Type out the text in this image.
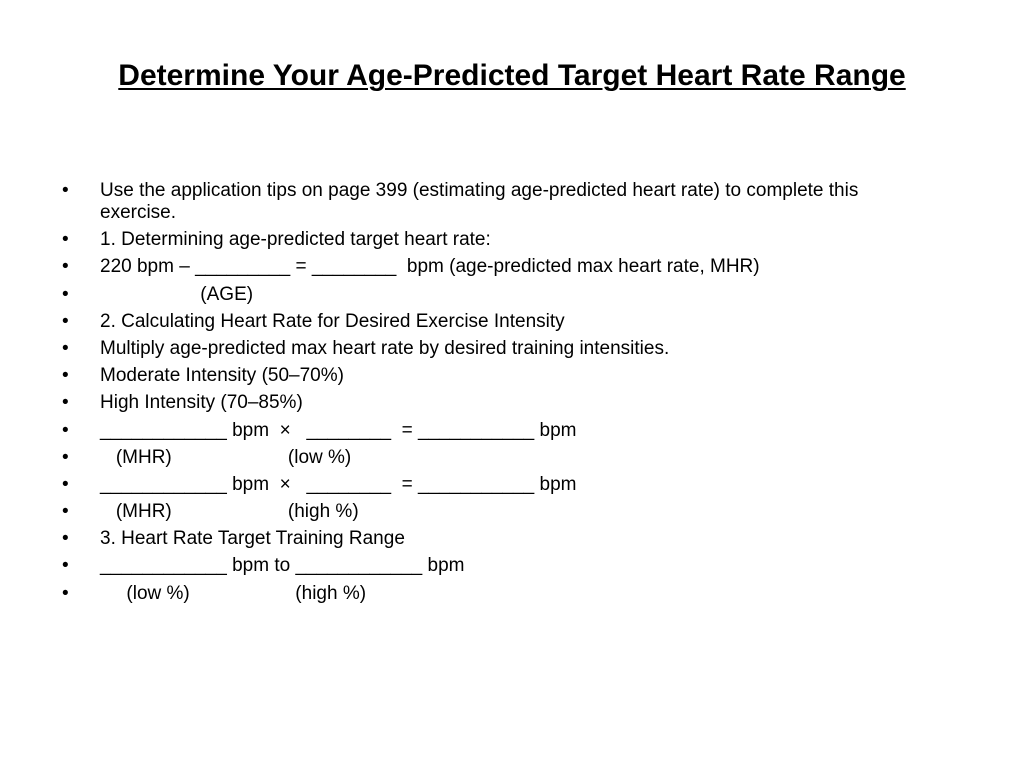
Determine Your Age-Predicted Target Heart Rate Range
•	Use the application tips on page 399 (estimating age-predicted heart rate) to complete this exercise.
•	1. Determining age-predicted target heart rate:
•	220 bpm – _________ = ________  bpm (age-predicted max heart rate, MHR)
•	(AGE)
•	2. Calculating Heart Rate for Desired Exercise Intensity
•	Multiply age-predicted max heart rate by desired training intensities.
•	Moderate Intensity (50–70%)
•	High Intensity (70–85%)
•	____________ bpm  ×   ________  = ___________ bpm
•	(MHR)                      (low %)
•	____________ bpm  ×   ________  = ___________ bpm
•	(MHR)                      (high %)
•	3. Heart Rate Target Training Range
•	____________ bpm to ____________ bpm
•	(low %)                    (high %)
